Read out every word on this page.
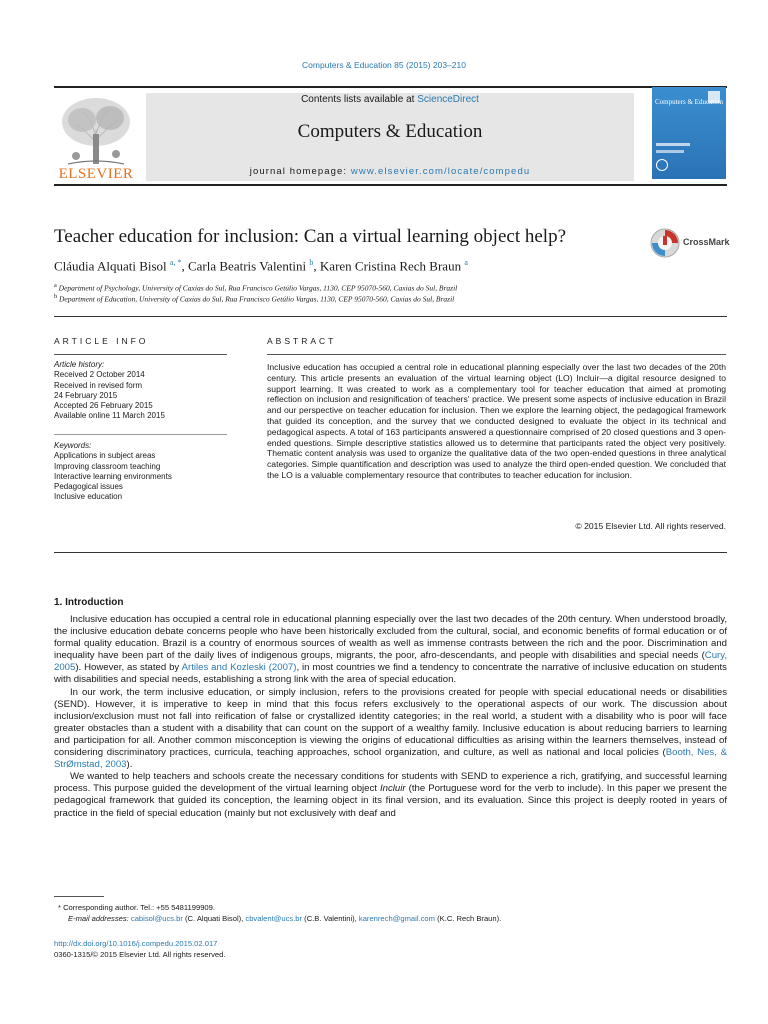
Computers & Education 85 (2015) 203–210
ELSEVIER
Contents lists available at ScienceDirect
Computers & Education
journal homepage: www.elsevier.com/locate/compedu
Computers & Education
Teacher education for inclusion: Can a virtual learning object help?	CrossMark
Cláudia Alquati Bisol $^{a, *}$, Carla Beatris Valentini $^b$, Karen Cristina Rech Braun $^a$
$^a$ Department of Psychology, University of Caxias do Sul, Rua Francisco Getúlio Vargas, 1130, CEP 95070-560, Caxias do Sul, Brazil
$^b$ Department of Education, University of Caxias do Sul, Rua Francisco Getúlio Vargas, 1130, CEP 95070-560, Caxias do Sul, Brazil
ARTICLE INFO
Article history:
Received 2 October 2014
Received in revised form
24 February 2015
Accepted 26 February 2015
Available online 11 March 2015
Keywords:
Applications in subject areas
Improving classroom teaching
Interactive learning environments
Pedagogical issues
Inclusive education
ABSTRACT
Inclusive education has occupied a central role in educational planning especially over the last two decades of the 20th century. This article presents an evaluation of the virtual learning object (LO) Incluir—a digital resource designed to support learning. It was created to work as a complementary tool for teacher education that aimed at promoting reflection on inclusion and resignification of teachers' practice. We present some aspects of inclusive education in Brazil and our perspective on teacher education for inclusion. Then we explore the learning object, the pedagogical framework that guided its conception, and the survey that we conducted designed to evaluate the object in its technical and pedagogical aspects. A total of 163 participants answered a questionnaire comprised of 20 closed questions and 3 open-ended questions. Simple descriptive statistics allowed us to determine that participants rated the object very positively. Thematic content analysis was used to organize the qualitative data of the two open-ended questions in three analytical categories. Simple quantification and description was used to analyze the third open-ended question. We concluded that the LO is a valuable complementary resource that contributes to teacher education for inclusion.
© 2015 Elsevier Ltd. All rights reserved.
1. Introduction

Inclusive education has occupied a central role in educational planning especially over the last two decades of the 20th century. When understood broadly, the inclusive education debate concerns people who have been historically excluded from the cultural, social, and economic benefits of formal education or of formal quality education. Brazil is a country of enormous sources of wealth as well as immense contrasts between the rich and the poor. Discrimination and inequality have been part of the daily lives of indigenous groups, migrants, the poor, afro-descendants, and people with disabilities and special needs (Cury, 2005). However, as stated by Artiles and Kozleski (2007), in most countries we find a tendency to concentrate the narrative of inclusive education on students with disabilities and special needs, establishing a strong link with the area of special education.

In our work, the term inclusive education, or simply inclusion, refers to the provisions created for people with special educational needs or disabilities (SEND). However, it is imperative to keep in mind that this focus refers exclusively to the operational aspects of our work. The discussion about inclusion/exclusion must not fall into reification of false or crystallized identity categories; in the real world, a student with a disability who is poor will face greater obstacles than a student with a disability that can count on the support of a wealthy family. Inclusive education is about reducing barriers to learning and participation for all. Another common misconception is viewing the origins of educational difficulties as arising within the learners themselves, instead of considering discriminatory practices, curricula, teaching approaches, school organization, and culture, as well as national and local policies (Booth, Nes, & StrØmstad, 2003).

We wanted to help teachers and schools create the necessary conditions for students with SEND to experience a rich, gratifying, and successful learning process. This purpose guided the development of the virtual learning object Incluir (the Portuguese word for the verb to include). In this paper we present the pedagogical framework that guided its conception, the learning object in its final version, and its evaluation. Since this project is deeply rooted in years of practice in the field of special education (mainly but not exclusively with deaf and

* Corresponding author. Tel.: +55 5481199909.
E-mail addresses: cabisol@ucs.br (C. Alquati Bisol), cbvalent@ucs.br (C.B. Valentini), karenrech@gmail.com (K.C. Rech Braun).
http://dx.doi.org/10.1016/j.compedu.2015.02.017
0360-1315/© 2015 Elsevier Ltd. All rights reserved.
